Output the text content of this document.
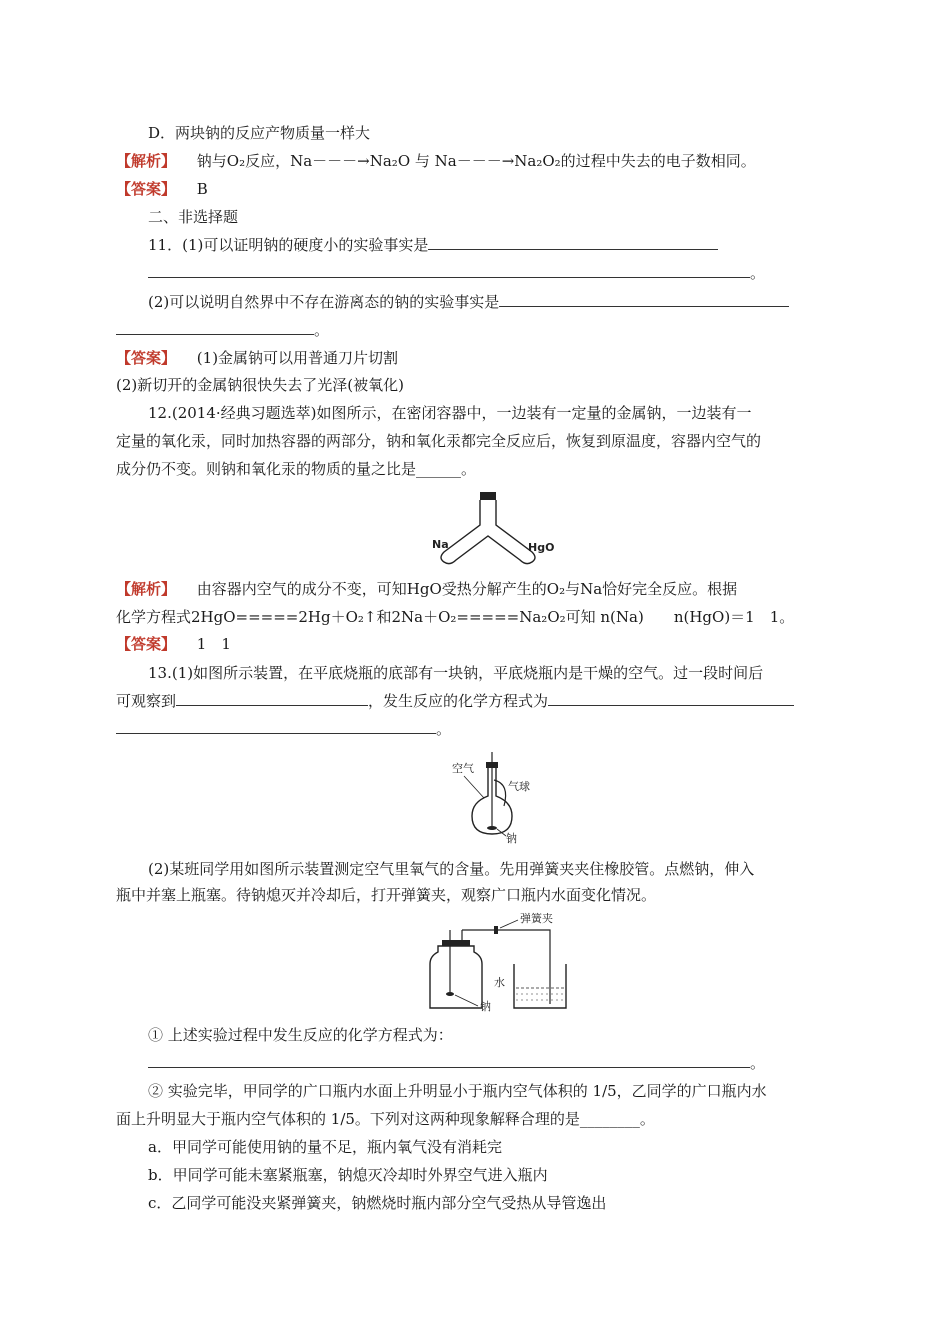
D．两块钠的反应产物质量一样大
【解析】 钠与O₂反应，Na－－－→Na₂O 与 Na－－－→Na₂O₂的过程中失去的电子数相同。
【答案】 B
二、非选择题
11．(1)可以证明钠的硬度小的实验事实是
。
(2)可以说明自然界中不存在游离态的钠的实验事实是
。
【答案】 (1)金属钠可以用普通刀片切割
(2)新切开的金属钠很快失去了光泽(被氧化)
12.(2014·经典习题选萃)如图所示，在密闭容器中，一边装有一定量的金属钠，一边装有一
定量的氧化汞，同时加热容器的两部分，钠和氧化汞都完全反应后，恢复到原温度，容器内空气的
成分仍不变。则钠和氧化汞的物质的量之比是______。
Na	HgO
【解析】 由容器内空气的成分不变，可知HgO受热分解产生的O₂与Na恰好完全反应。根据
化学方程式2HgO=====2Hg＋O₂↑和2Na＋O₂=====Na₂O₂可知 n(Na)　　n(HgO)＝1　1。
【答案】 1　1
13.(1)如图所示装置，在平底烧瓶的底部有一块钠，平底烧瓶内是干燥的空气。过一段时间后
可观察到	，发生反应的化学方程式为
。
空气
气球
钠
(2)某班同学用如图所示装置测定空气里氧气的含量。先用弹簧夹夹住橡胶管。点燃钠，伸入
瓶中并塞上瓶塞。待钠熄灭并冷却后，打开弹簧夹，观察广口瓶内水面变化情况。
弹簧夹
水
钠
① 上述实验过程中发生反应的化学方程式为：
。
② 实验完毕，甲同学的广口瓶内水面上升明显小于瓶内空气体积的 1/5，乙同学的广口瓶内水
面上升明显大于瓶内空气体积的 1/5。下列对这两种现象解释合理的是________。
a．甲同学可能使用钠的量不足，瓶内氧气没有消耗完
b．甲同学可能未塞紧瓶塞，钠熄灭冷却时外界空气进入瓶内
c．乙同学可能没夹紧弹簧夹，钠燃烧时瓶内部分空气受热从导管逸出
